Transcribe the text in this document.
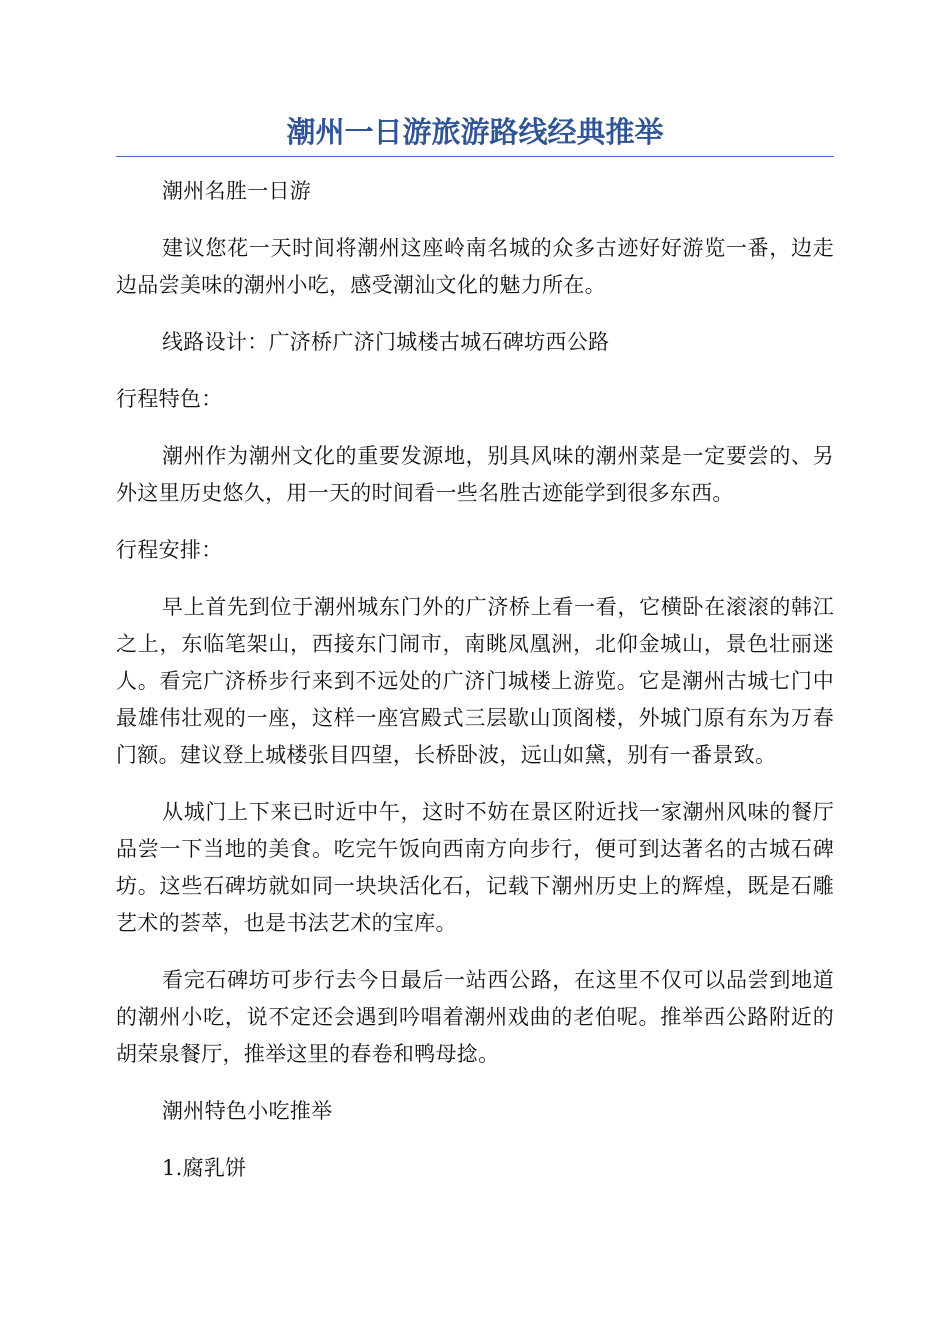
潮州一日游旅游路线经典推举

潮州名胜一日游

建议您花一天时间将潮州这座岭南名城的众多古迹好好游览一番，边走边品尝美味的潮州小吃，感受潮汕文化的魅力所在。

线路设计：广济桥广济门城楼古城石碑坊西公路

行程特色：

潮州作为潮州文化的重要发源地，别具风味的潮州菜是一定要尝的、另外这里历史悠久，用一天的时间看一些名胜古迹能学到很多东西。

行程安排：

早上首先到位于潮州城东门外的广济桥上看一看，它横卧在滚滚的韩江之上，东临笔架山，西接东门闹市，南眺凤凰洲，北仰金城山，景色壮丽迷人。看完广济桥步行来到不远处的广济门城楼上游览。它是潮州古城七门中最雄伟壮观的一座，这样一座宫殿式三层歇山顶阁楼，外城门原有东为万春门额。建议登上城楼张目四望，长桥卧波，远山如黛，别有一番景致。

从城门上下来已时近中午，这时不妨在景区附近找一家潮州风味的餐厅品尝一下当地的美食。吃完午饭向西南方向步行，便可到达著名的古城石碑坊。这些石碑坊就如同一块块活化石，记载下潮州历史上的辉煌，既是石雕艺术的荟萃，也是书法艺术的宝库。

看完石碑坊可步行去今日最后一站西公路，在这里不仅可以品尝到地道的潮州小吃，说不定还会遇到吟唱着潮州戏曲的老伯呢。推举西公路附近的胡荣泉餐厅，推举这里的春卷和鸭母捻。

潮州特色小吃推举

1.腐乳饼
